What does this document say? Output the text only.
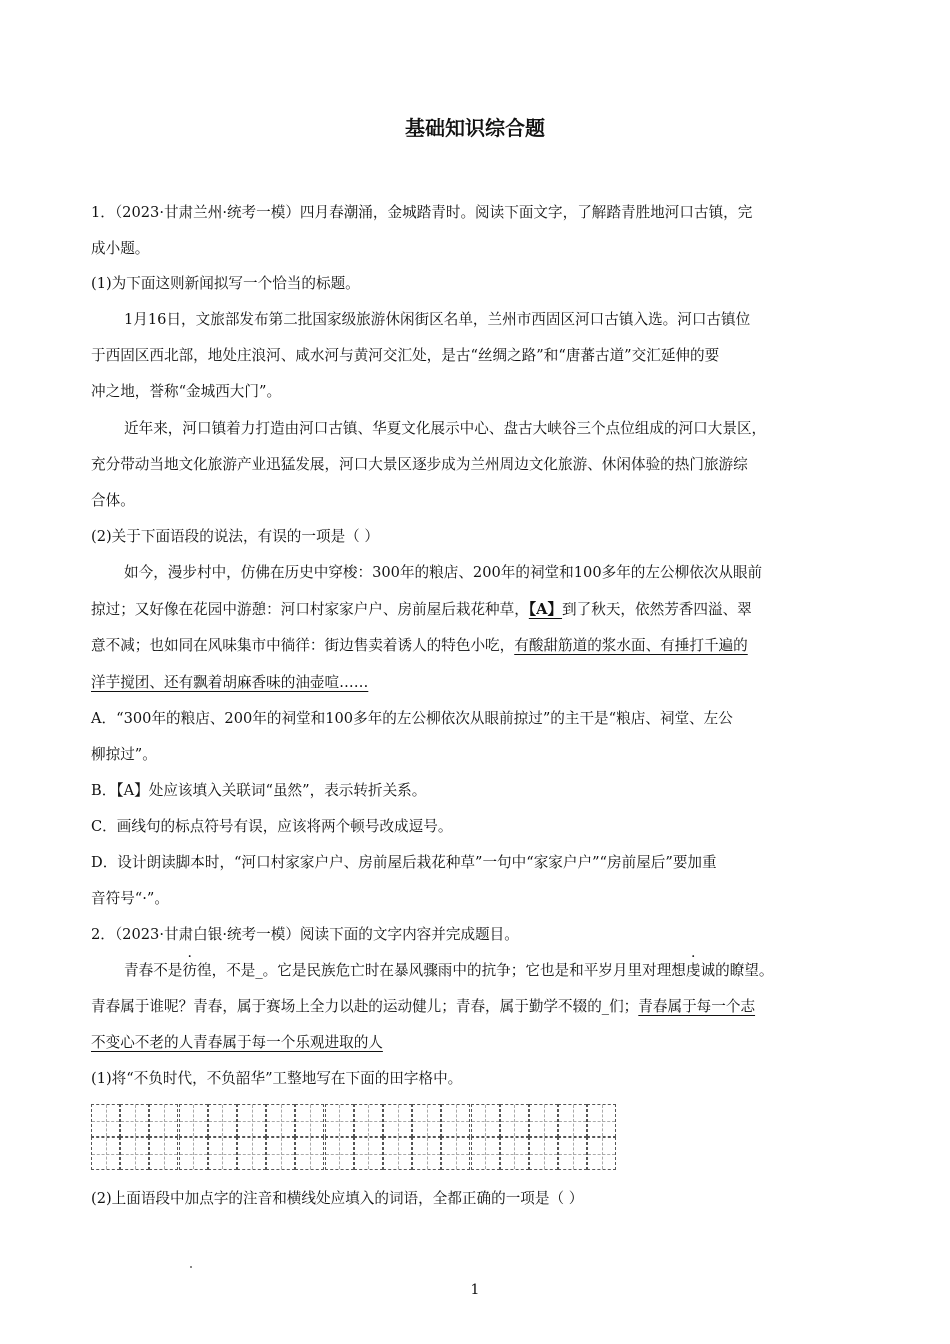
基础知识综合题
1．（2023·甘肃兰州·统考一模）四月春潮涌，金城踏青时。阅读下面文字，了解踏青胜地河口古镇，完
成小题。
(1)为下面这则新闻拟写一个恰当的标题。
1月16日，文旅部发布第二批国家级旅游休闲街区名单，兰州市西固区河口古镇入选。河口古镇位
于西固区西北部，地处庄浪河、咸水河与黄河交汇处，是古“丝绸之路”和“唐蕃古道”交汇延伸的要
冲之地，誉称“金城西大门”。
近年来，河口镇着力打造由河口古镇、华夏文化展示中心、盘古大峡谷三个点位组成的河口大景区，
充分带动当地文化旅游产业迅猛发展，河口大景区逐步成为兰州周边文化旅游、休闲体验的热门旅游综
合体。
(2)关于下面语段的说法，有误的一项是（ ）
如今，漫步村中，仿佛在历史中穿梭：300年的粮店、200年的祠堂和100多年的左公柳依次从眼前
掠过；又好像在花园中游憩：河口村家家户户、房前屋后栽花种草，【A】到了秋天，依然芳香四溢、翠
意不减；也如同在风味集市中徜徉：街边售卖着诱人的特色小吃，有酸甜筋道的浆水面、有捶打千遍的
洋芋搅团、还有飘着胡麻香味的油壶喧……
A．“300年的粮店、200年的祠堂和100多年的左公柳依次从眼前掠过”的主干是“粮店、祠堂、左公
柳掠过”。
B．【A】处应该填入关联词“虽然”，表示转折关系。
C．画线句的标点符号有误，应该将两个顿号改成逗号。
D．设计朗读脚本时，“河口村家家户户、房前屋后栽花种草”一句中“家家户户”“房前屋后”要加重
音符号“·”。
2．（2023·甘肃白银·统考一模）阅读下面的文字内容并完成题目。
青春不是彷徨，不是_。它是民族危亡时在暴风骤雨中的抗争；它也是和平岁月里对理想虔诚的瞭望。
青春属于谁呢？青春，属于赛场上全力以赴的运动健儿；青春，属于勤学不辍的_们；青春属于每一个志
不变心不老的人青春属于每一个乐观进取的人
(1)将“不负时代，不负韶华”工整地写在下面的田字格中。
(2)上面语段中加点字的注音和横线处应填入的词语，全都正确的一项是（ ）
1
